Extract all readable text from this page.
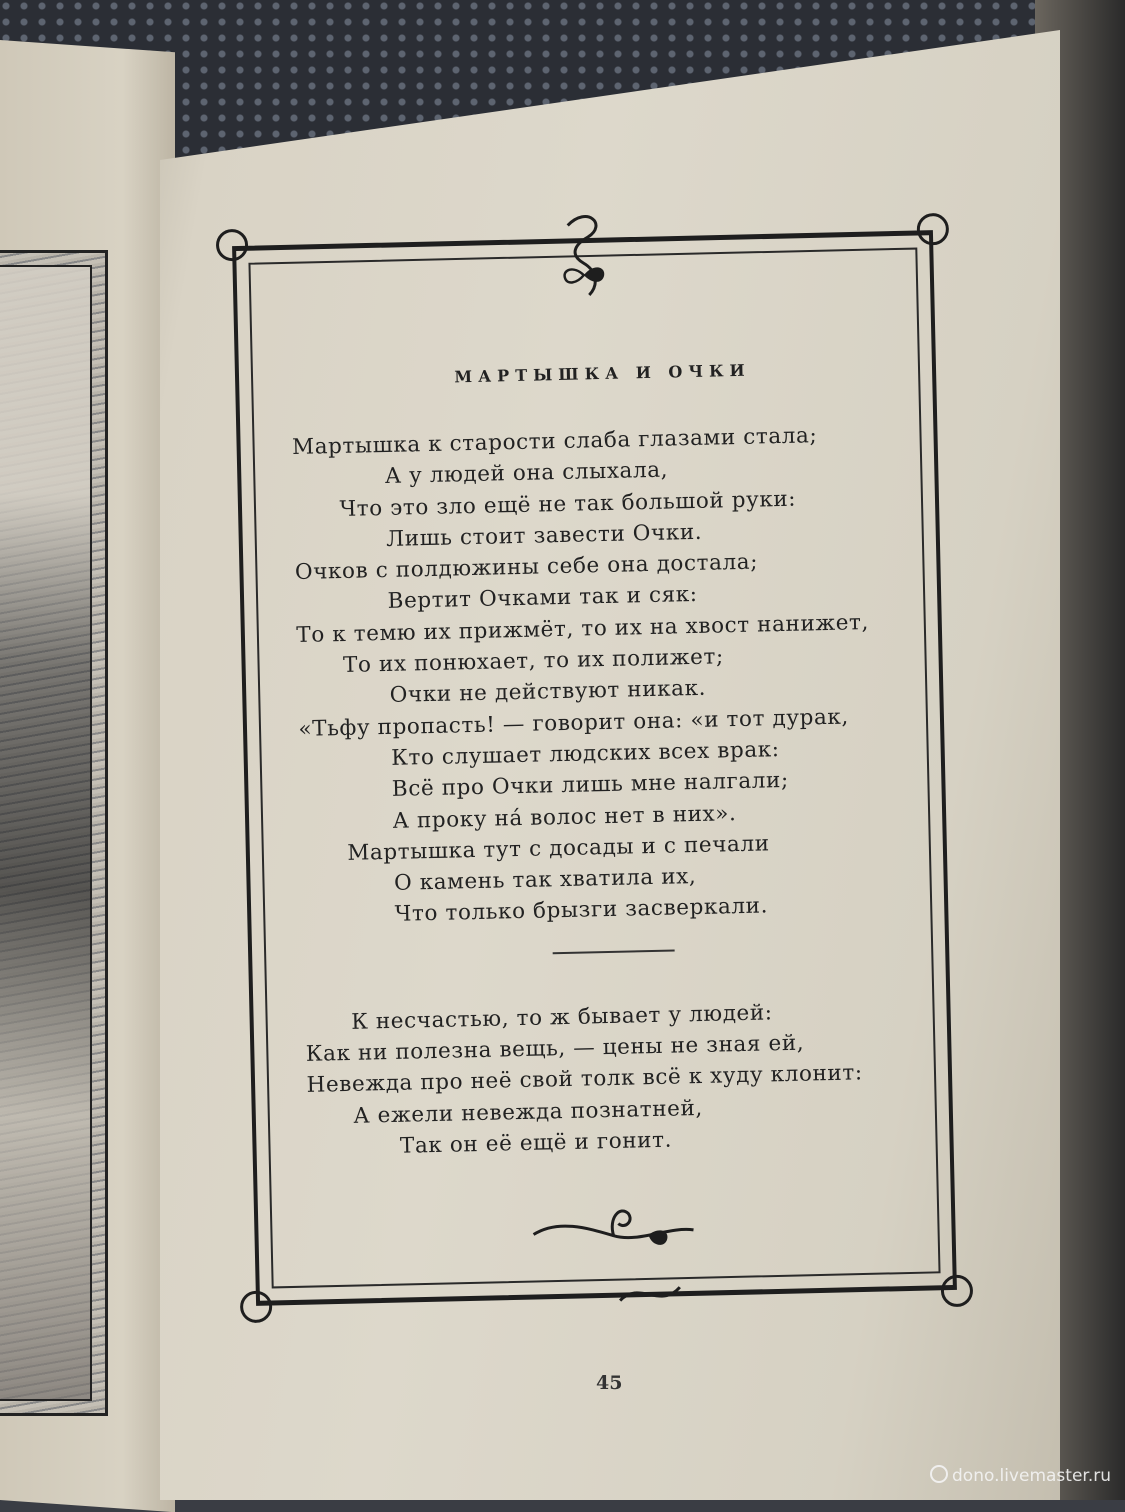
МАРТЫШКА И ОЧКИ
Мартышка к старости слаба глазами стала;
А у людей она слыхала,
Что это зло ещё не так большой руки:
Лишь стоит завести Очки.
Очков с полдюжины себе она достала;
Вертит Очками так и сяк:
То к темю их прижмёт, то их на хвост нанижет,
То их понюхает, то их полижет;
Очки не действуют никак.
«Тьфу пропасть! — говорит она: «и тот дурак,
Кто слушает людских всех врак:
Всё про Очки лишь мне налгали;
А проку нá волос нет в них».
Мартышка тут с досады и с печали
О камень так хватила их,
Что только брызги засверкали.
К несчастью, то ж бывает у людей:
Как ни полезна вещь, — цены не зная ей,
Невежда про неё свой толк всё к худу клонит:
А ежели невежда познатней,
Так он её ещё и гонит.
45
dono.livemaster.ru
